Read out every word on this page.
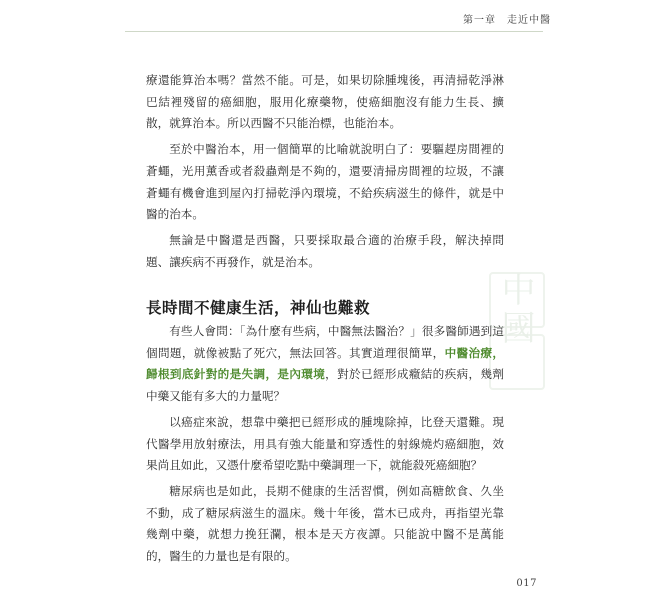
第一章　走近中醫
中國

療還能算治本嗎？當然不能。可是，如果切除腫塊後，再清掃乾淨淋巴結裡殘留的癌細胞，服用化療藥物，使癌細胞沒有能力生長、擴散，就算治本。所以西醫不只能治標，也能治本。

至於中醫治本，用一個簡單的比喻就說明白了：要驅趕房間裡的蒼蠅，光用薰香或者殺蟲劑是不夠的，還要清掃房間裡的垃圾，不讓蒼蠅有機會進到屋內打掃乾淨內環境，不給疾病滋生的條件，就是中醫的治本。

無論是中醫還是西醫，只要採取最合適的治療手段，解決掉問題、讓疾病不再發作，就是治本。

長時間不健康生活，神仙也難救

有些人會問：「為什麼有些病，中醫無法醫治？」很多醫師遇到這個問題，就像被點了死穴，無法回答。其實道理很簡單，中醫治療，歸根到底針對的是失調，是內環境，對於已經形成癥結的疾病，幾劑中藥又能有多大的力量呢？

以癌症來說，想靠中藥把已經形成的腫塊除掉，比登天還難。現代醫學用放射療法，用具有強大能量和穿透性的射線燒灼癌細胞，效果尚且如此，又憑什麼希望吃點中藥調理一下，就能殺死癌細胞？

糖尿病也是如此，長期不健康的生活習慣，例如高糖飲食、久坐不動，成了糖尿病滋生的溫床。幾十年後，當木已成舟，再指望光靠幾劑中藥，就想力挽狂瀾，根本是天方夜譚。只能說中醫不是萬能的，醫生的力量也是有限的。

017
